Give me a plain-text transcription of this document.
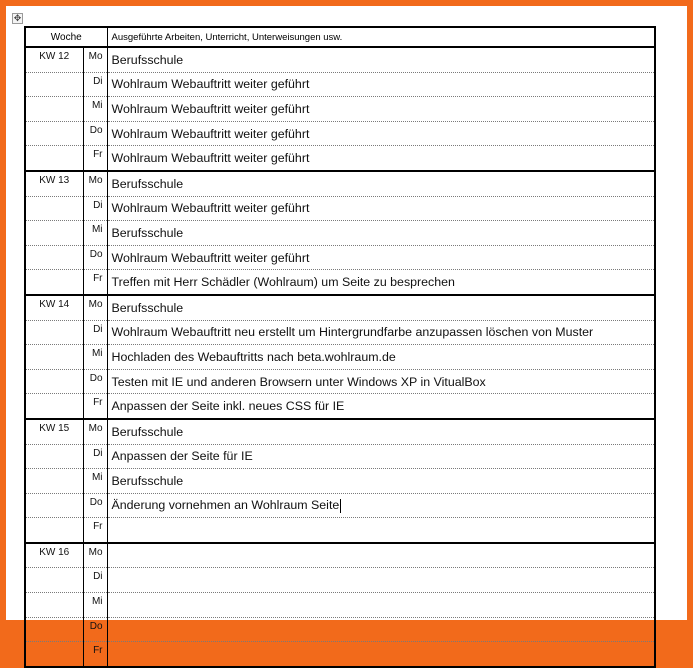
✥
Woche		Ausgeführte Arbeiten, Unterricht, Unterweisungen usw.
KW 12	Mo	Berufsschule
	Di	Wohlraum Webauftritt weiter geführt
	Mi	Wohlraum Webauftritt weiter geführt
	Do	Wohlraum Webauftritt weiter geführt
	Fr	Wohlraum Webauftritt weiter geführt
KW 13	Mo	Berufsschule
	Di	Wohlraum Webauftritt weiter geführt
	Mi	Berufsschule
	Do	Wohlraum Webauftritt weiter geführt
	Fr	Treffen mit Herr Schädler (Wohlraum) um Seite zu besprechen
KW 14	Mo	Berufsschule
	Di	Wohlraum Webauftritt neu erstellt um Hintergrundfarbe anzupassen löschen von Muster
	Mi	Hochladen des Webauftritts nach beta.wohlraum.de
	Do	Testen mit IE und anderen Browsern unter Windows XP in VitualBox
	Fr	Anpassen der Seite inkl. neues CSS für IE
KW 15	Mo	Berufsschule
	Di	Anpassen der Seite für IE
	Mi	Berufsschule
	Do	Änderung vornehmen an Wohlraum Seite
	Fr	
KW 16	Mo	
	Di	
	Mi	
	Do	
	Fr	
